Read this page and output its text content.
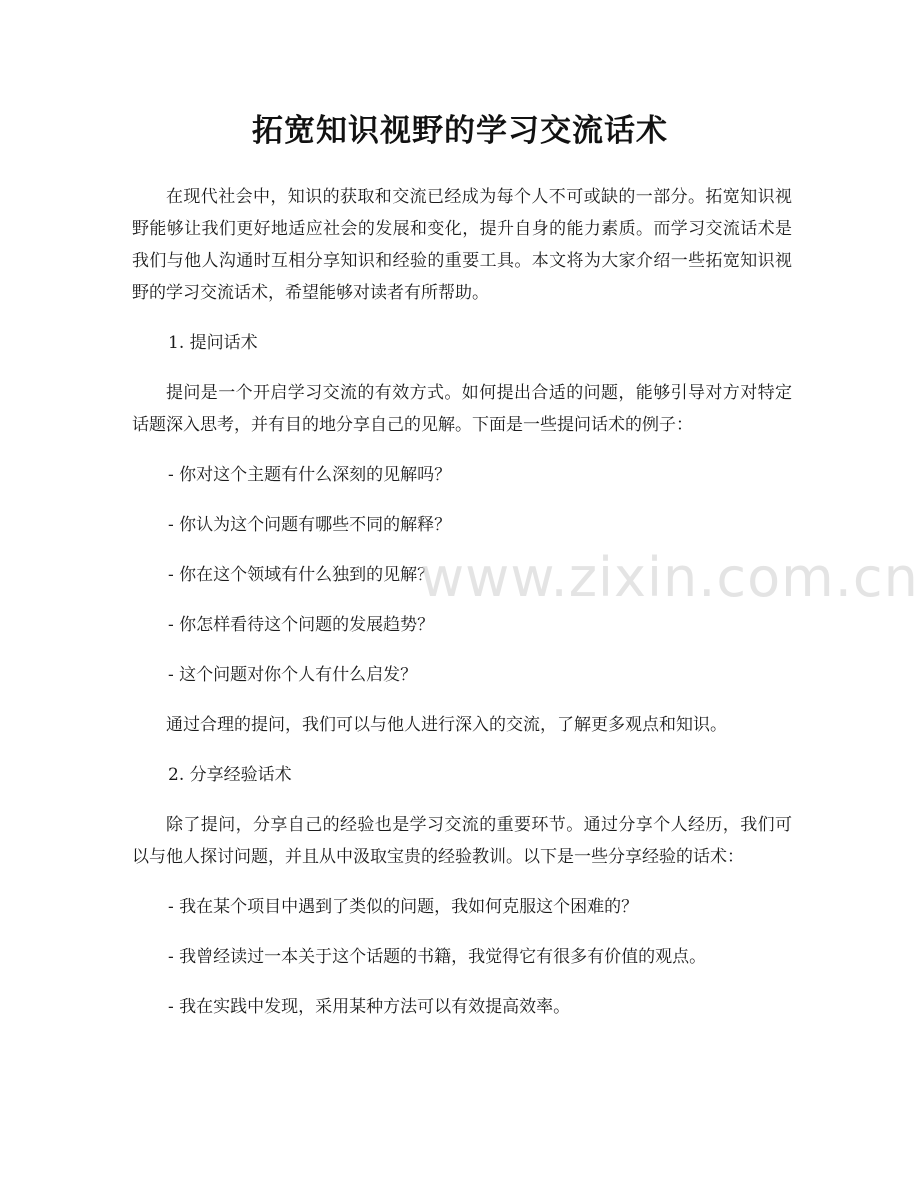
拓宽知识视野的学习交流话术

在现代社会中，知识的获取和交流已经成为每个人不可或缺的一部分。拓宽知识视野能够让我们更好地适应社会的发展和变化，提升自身的能力素质。而学习交流话术是我们与他人沟通时互相分享知识和经验的重要工具。本文将为大家介绍一些拓宽知识视野的学习交流话术，希望能够对读者有所帮助。

1. 提问话术

提问是一个开启学习交流的有效方式。如何提出合适的问题，能够引导对方对特定话题深入思考，并有目的地分享自己的见解。下面是一些提问话术的例子：

- 你对这个主题有什么深刻的见解吗？

- 你认为这个问题有哪些不同的解释？

- 你在这个领域有什么独到的见解？

- 你怎样看待这个问题的发展趋势？

- 这个问题对你个人有什么启发？

通过合理的提问，我们可以与他人进行深入的交流，了解更多观点和知识。

2. 分享经验话术

除了提问，分享自己的经验也是学习交流的重要环节。通过分享个人经历，我们可以与他人探讨问题，并且从中汲取宝贵的经验教训。以下是一些分享经验的话术：

- 我在某个项目中遇到了类似的问题，我如何克服这个困难的？

- 我曾经读过一本关于这个话题的书籍，我觉得它有很多有价值的观点。

- 我在实践中发现，采用某种方法可以有效提高效率。

www.zixin.com.cn
